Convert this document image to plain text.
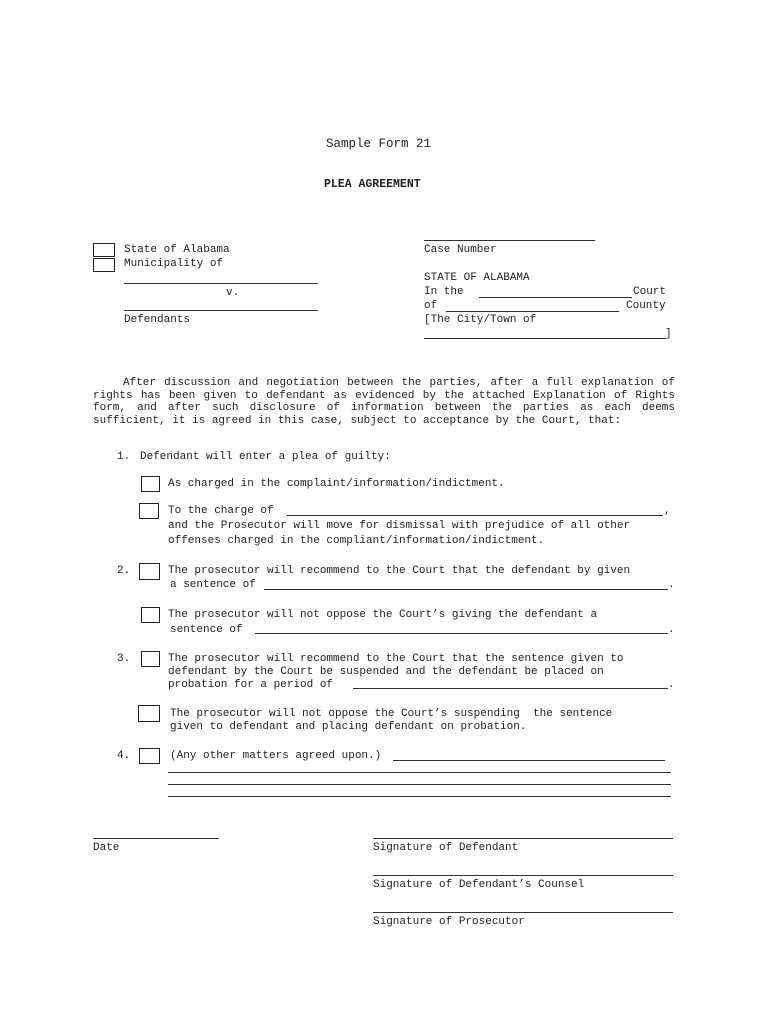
Sample Form 21
PLEA AGREEMENT
State of Alabama
Municipality of
v.
Defendants
Case Number
STATE OF ALABAMA
In the	Court
of	County
[The City/Town of
]
After discussion and negotiation between the parties, after a full explanation of rights has been given to defendant as evidenced by the attached Explanation of Rights form, and after such disclosure of information between the parties as each deems sufficient, it is agreed in this case, subject to acceptance by the Court, that:
1. Defendant will enter a plea of guilty:
As charged in the complaint/information/indictment.
To the charge of	,
and the Prosecutor will move for dismissal with prejudice of all other
offenses charged in the compliant/information/indictment.
2.	The prosecutor will recommend to the Court that the defendant by given
a sentence of	.
The prosecutor will not oppose the Court’s giving the defendant a
sentence of	.
3.	The prosecutor will recommend to the Court that the sentence given to
defendant by the Court be suspended and the defendant be placed on
probation for a period of	.
The prosecutor will not oppose the Court’s suspending  the sentence
given to defendant and placing defendant on probation.
4.	(Any other matters agreed upon.)
Date	Signature of Defendant
Signature of Defendant’s Counsel
Signature of Prosecutor
